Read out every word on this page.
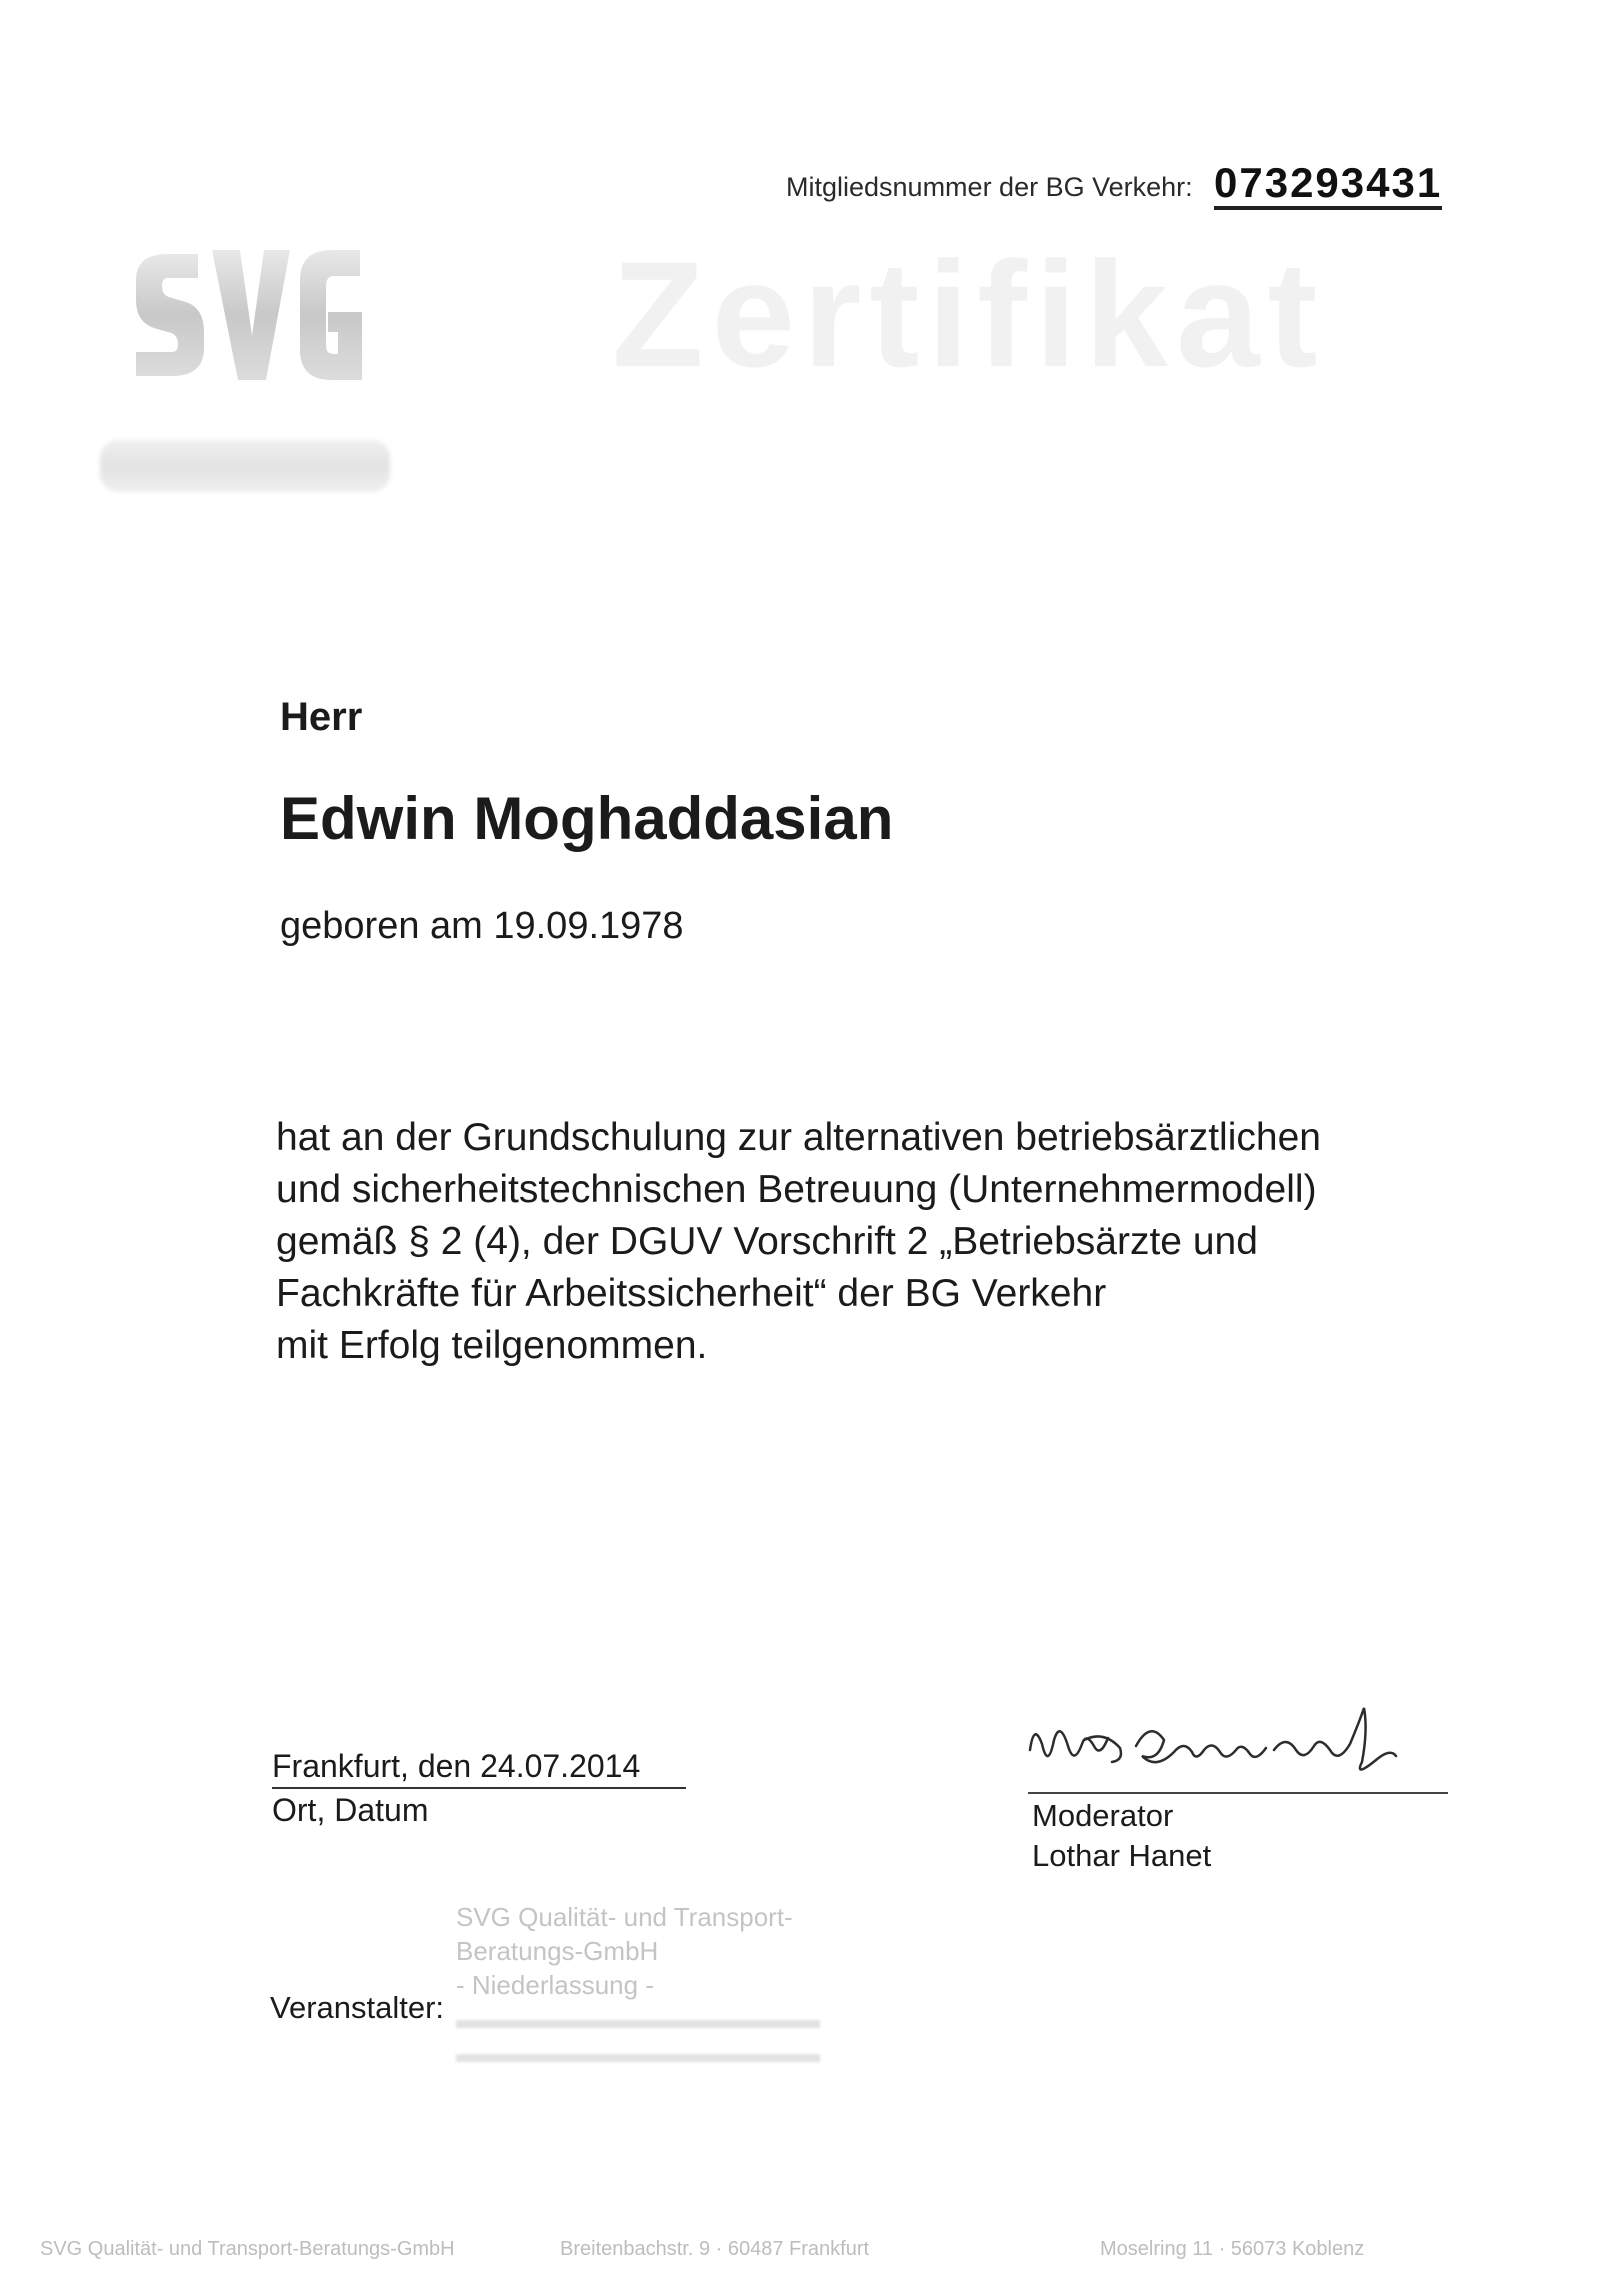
Mitgliedsnummer der BG Verkehr: 073293431
Zertifikat
Herr
Edwin Moghaddasian
geboren am 19.09.1978
hat an der Grundschulung zur alternativen betriebsärztlichen
und sicherheitstechnischen Betreuung (Unternehmermodell)
gemäß § 2 (4), der DGUV Vorschrift 2 „Betriebsärzte und
Fachkräfte für Arbeitssicherheit“ der BG Verkehr
mit Erfolg teilgenommen.
Frankfurt, den 24.07.2014
Ort, Datum	Moderator
Lothar Hanet
Veranstalter:
SVG Qualität- und Transport-
Beratungs-GmbH
- Niederlassung -
▬▬▬▬▬▬▬▬▬▬▬▬▬▬
▬▬▬▬▬▬▬▬▬▬▬▬▬▬
SVG Qualität- und Transport-Beratungs-GmbH	Breitenbachstr. 9 · 60487 Frankfurt	Moselring 11 · 56073 Koblenz
